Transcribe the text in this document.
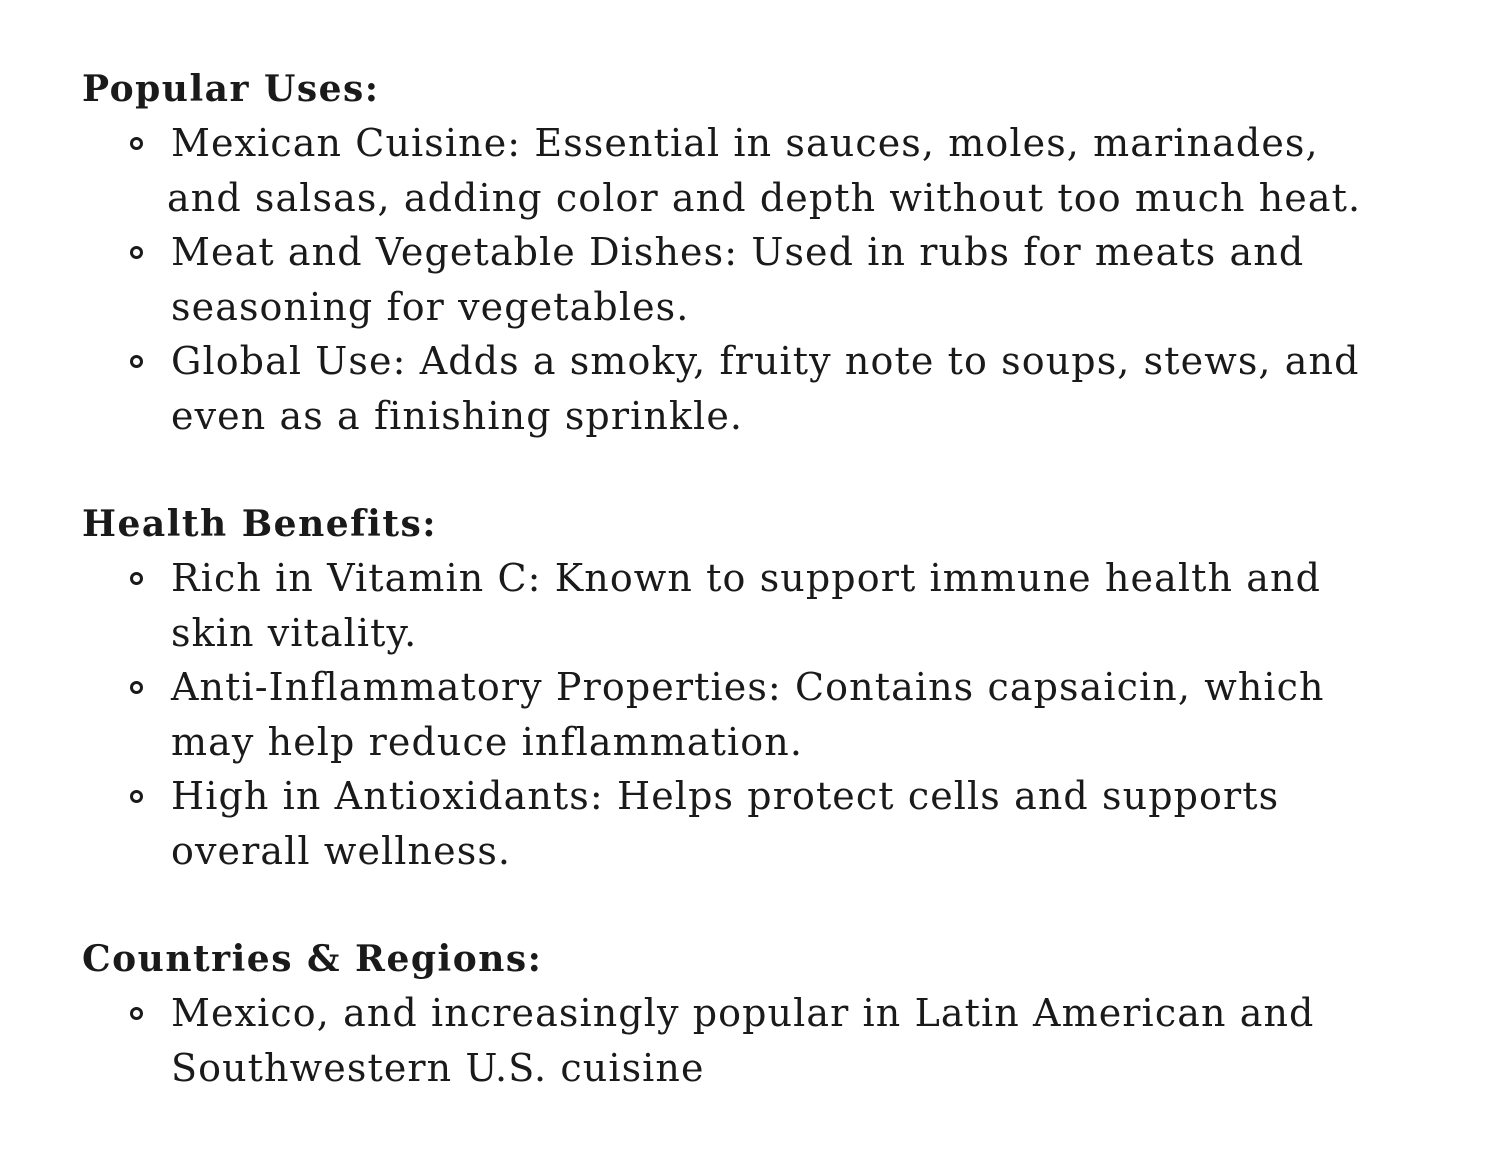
Popular Uses:
Mexican Cuisine: Essential in sauces, moles, marinades,
and salsas, adding color and depth without too much heat.
Meat and Vegetable Dishes: Used in rubs for meats and
seasoning for vegetables.
Global Use: Adds a smoky, fruity note to soups, stews, and
even as a finishing sprinkle.
Health Benefits:
Rich in Vitamin C: Known to support immune health and
skin vitality.
Anti-Inflammatory Properties: Contains capsaicin, which
may help reduce inflammation.
High in Antioxidants: Helps protect cells and supports
overall wellness.
Countries & Regions:
Mexico, and increasingly popular in Latin American and
Southwestern U.S. cuisine
